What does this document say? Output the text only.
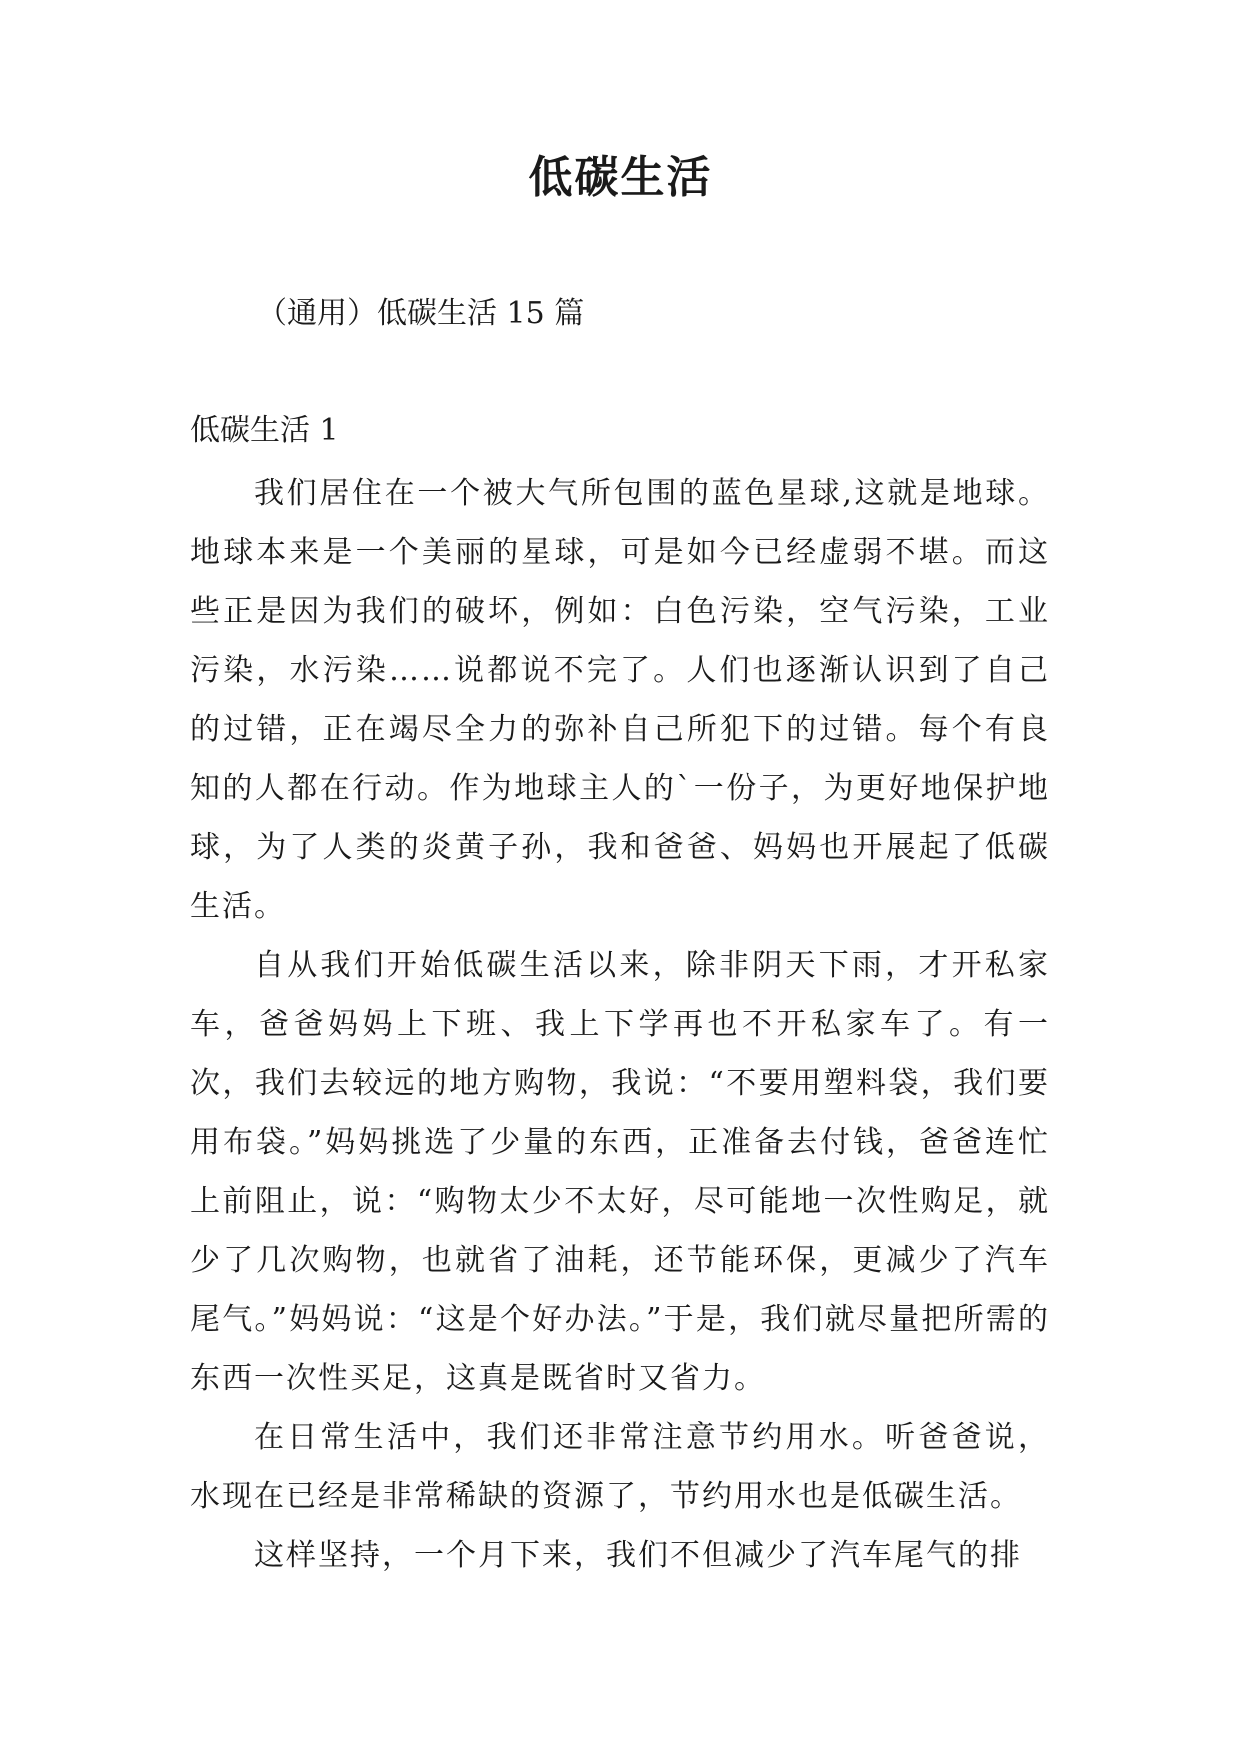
低碳生活
（通用）低碳生活 15 篇
低碳生活 1

我们居住在一个被大气所包围的蓝色星球,这就是地球。地球本来是一个美丽的星球，可是如今已经虚弱不堪。而这些正是因为我们的破坏，例如：白色污染，空气污染，工业污染，水污染……说都说不完了。人们也逐渐认识到了自己的过错，正在竭尽全力的弥补自己所犯下的过错。每个有良知的人都在行动。作为地球主人的`一份子，为更好地保护地球，为了人类的炎黄子孙，我和爸爸、妈妈也开展起了低碳生活。

自从我们开始低碳生活以来，除非阴天下雨，才开私家车，爸爸妈妈上下班、我上下学再也不开私家车了。有一次，我们去较远的地方购物，我说：“不要用塑料袋，我们要用布袋。”妈妈挑选了少量的东西，正准备去付钱，爸爸连忙上前阻止，说：“购物太少不太好，尽可能地一次性购足，就少了几次购物，也就省了油耗，还节能环保，更减少了汽车尾气。”妈妈说：“这是个好办法。”于是，我们就尽量把所需的东西一次性买足，这真是既省时又省力。

在日常生活中，我们还非常注意节约用水。听爸爸说，水现在已经是非常稀缺的资源了，节约用水也是低碳生活。

这样坚持，一个月下来，我们不但减少了汽车尾气的排
